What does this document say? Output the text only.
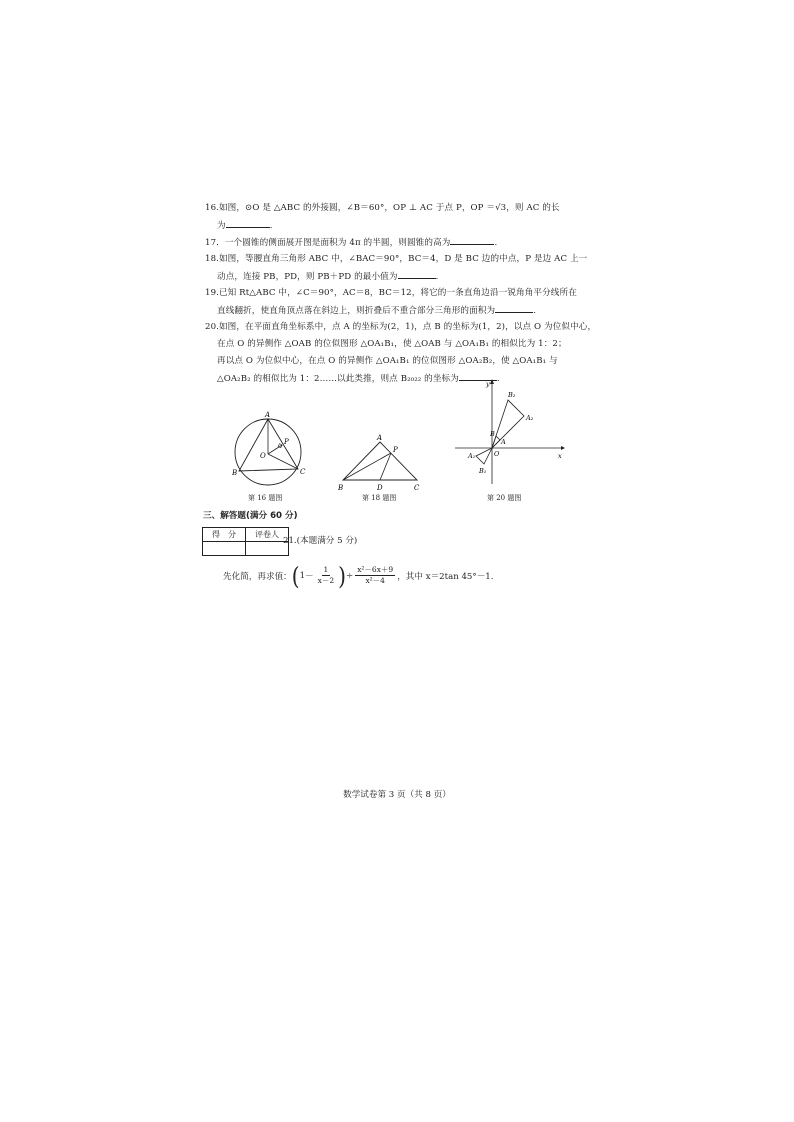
16.如图，⊙O 是 △ABC 的外接圆，∠B＝60°，OP ⊥ AC 于点 P，OP ＝√3，则 AC 的长
为	.
17．一个圆锥的侧面展开图是面积为 4π 的半圆，则圆锥的高为	.
18.如图，等腰直角三角形 ABC 中，∠BAC＝90°，BC＝4，D 是 BC 边的中点，P 是边 AC 上一
动点，连接 PB，PD，则 PB＋PD 的最小值为	.
19.已知 Rt△ABC 中，∠C＝90°，AC＝8，BC＝12，将它的一条直角边沿一锐角角平分线所在
直线翻折，使直角顶点落在斜边上，则折叠后不重合部分三角形的面积为	.
20.如图，在平面直角坐标系中，点 A 的坐标为(2，1)，点 B 的坐标为(1，2)，以点 O 为位似中心，
在点 O 的异侧作 △OAB 的位似图形 △OA₁B₁，使 △OAB 与 △OA₁B₁ 的相似比为 1：2；
再以点 O 为位似中心，在点 O 的异侧作 △OA₁B₁ 的位似图形 △OA₂B₂，使 △OA₁B₁ 与
△OA₂B₂ 的相似比为 1：2……以此类推，则点 B₂₀₂₂ 的坐标为	.
A
B	C
O
P
第 16 题图
A
B	C
D
P
第 18 题图
y
x
O
A
B
A₁
B₁
A₂
B₂
第 20 题图
三、解答题(满分 60 分)
得　分	评卷人

21.(本题满分 5 分)
先化简，再求值： ( $1 - \frac{1}{x-2}$ ) ÷ $\frac{\text{x²－6x＋9}}{\text{x²－4}}$ ，其中 x＝2tan 45°－1.
数学试卷第 3 页（共 8 页）
